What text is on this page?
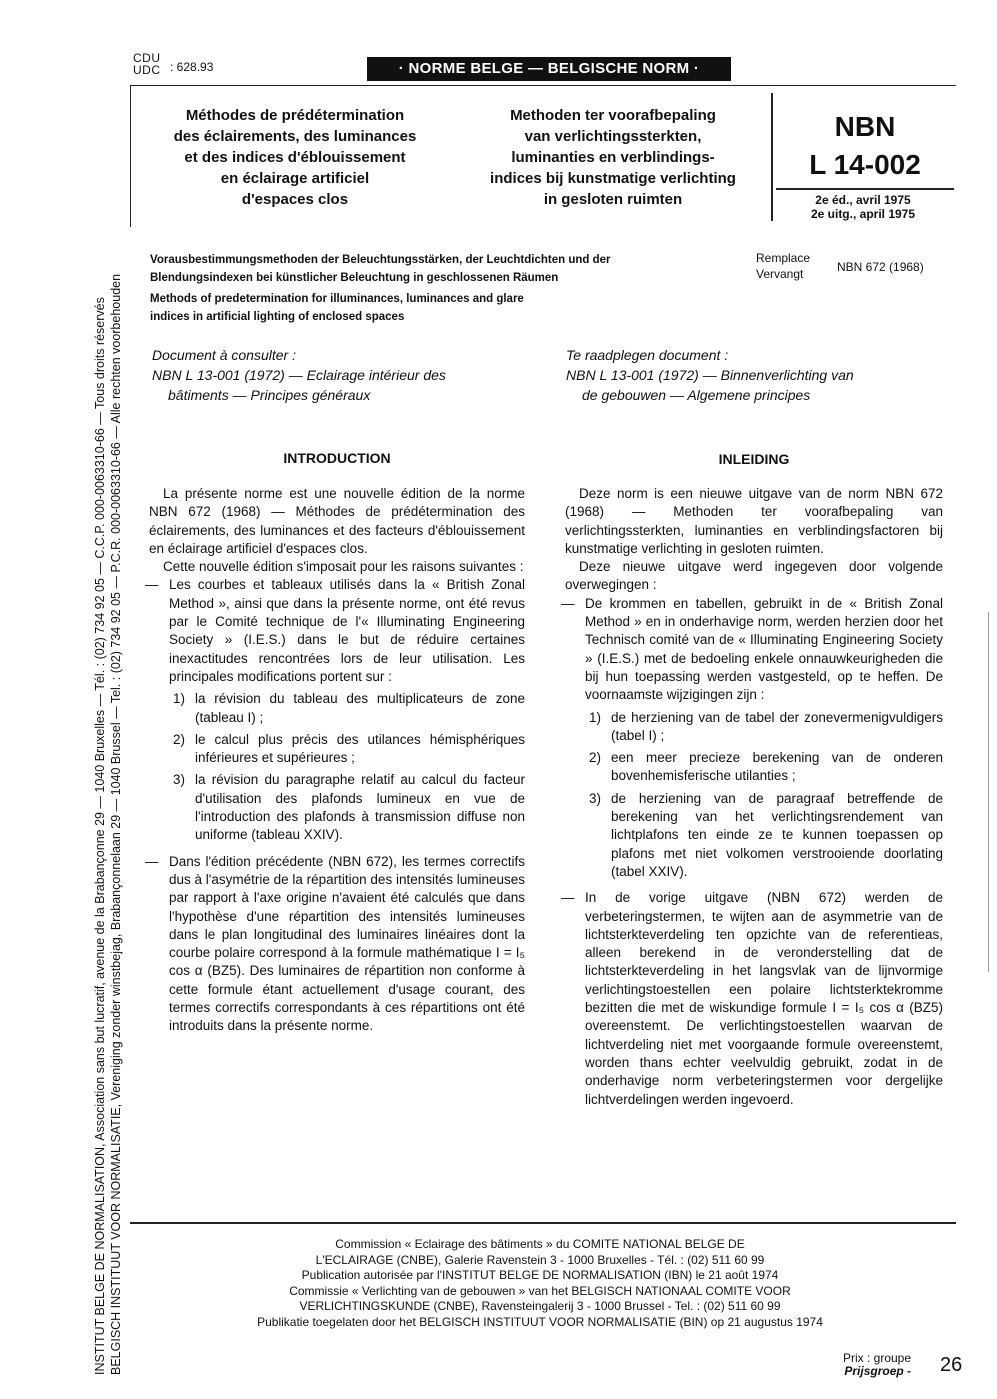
CDU
UDC : 628.93	· NORME BELGE — BELGISCHE NORM ·
Méthodes de prédétermination
des éclairements, des luminances
et des indices d'éblouissement
en éclairage artificiel
d'espaces clos
Methoden ter voorafbepaling
van verlichtingssterkten,
luminanties en verblindings-
indices bij kunstmatige verlichting
in gesloten ruimten
NBN
L 14-002
2e éd., avril 1975
2e uitg., april 1975
Vorausbestimmungsmethoden der Beleuchtungsstärken, der Leuchtdichten und der
Blendungsindexen bei künstlicher Beleuchtung in geschlossenen Räumen
Methods of predetermination for illuminances, luminances and glare
indices in artificial lighting of enclosed spaces
Remplace
Vervangt	NBN 672 (1968)
Document à consulter :
NBN L 13-001 (1972) — Eclairage intérieur des
bâtiments — Principes généraux
Te raadplegen document :
NBN L 13-001 (1972) — Binnenverlichting van
de gebouwen — Algemene principes
INTRODUCTION	INLEIDING

La présente norme est une nouvelle édition de la norme NBN 672 (1968) — Méthodes de prédétermination des éclairements, des luminances et des facteurs d'éblouissement en éclairage artificiel d'espaces clos.

Cette nouvelle édition s'imposait pour les raisons suivantes :

— Les courbes et tableaux utilisés dans la « British Zonal Method », ainsi que dans la présente norme, ont été revus par le Comité technique de l'« Illuminating Engineering Society » (I.E.S.) dans le but de réduire certaines inexactitudes rencontrées lors de leur utilisation. Les principales modifications portent sur :

1) la révision du tableau des multiplicateurs de zone (tableau I) ;

2) le calcul plus précis des utilances hémisphériques inférieures et supérieures ;

3) la révision du paragraphe relatif au calcul du facteur d'utilisation des plafonds lumineux en vue de l'introduction des plafonds à transmission diffuse non uniforme (tableau XXIV).

— Dans l'édition précédente (NBN 672), les termes correctifs dus à l'asymétrie de la répartition des intensités lumineuses par rapport à l'axe origine n'avaient été calculés que dans l'hypothèse d'une répartition des intensités lumineuses dans le plan longitudinal des luminaires linéaires dont la courbe polaire correspond à la formule mathématique I = I₅ cos α (BZ5). Des luminaires de répartition non conforme à cette formule étant actuellement d'usage courant, des termes correctifs correspondants à ces répartitions ont été introduits dans la présente norme.

Deze norm is een nieuwe uitgave van de norm NBN 672 (1968) — Methoden ter voorafbepaling van verlichtingssterkten, luminanties en verblindingsfactoren bij kunstmatige verlichting in gesloten ruimten.

Deze nieuwe uitgave werd ingegeven door volgende overwegingen :

— De krommen en tabellen, gebruikt in de « British Zonal Method » en in onderhavige norm, werden herzien door het Technisch comité van de « Illuminating Engineering Society » (I.E.S.) met de bedoeling enkele onnauwkeurigheden die bij hun toepassing werden vastgesteld, op te heffen. De voornaamste wijzigingen zijn :

1) de herziening van de tabel der zonevermenigvuldigers (tabel I) ;

2) een meer precieze berekening van de onderen bovenhemisferische utilanties ;

3) de herziening van de paragraaf betreffende de berekening van het verlichtingsrendement van lichtplafons ten einde ze te kunnen toepassen op plafons met niet volkomen verstrooiende doorlating (tabel XXIV).

— In de vorige uitgave (NBN 672) werden de verbeteringstermen, te wijten aan de asymmetrie van de lichtsterkteverdeling ten opzichte van de referentieas, alleen berekend in de veronderstelling dat de lichtsterkteverdeling in het langsvlak van de lijnvormige verlichtingstoestellen een polaire lichtsterktekromme bezitten die met de wiskundige formule I = I₅ cos α (BZ5) overeenstemt. De verlichtingstoestellen waarvan de lichtverdeling niet met voorgaande formule overeenstemt, worden thans echter veelvuldig gebruikt, zodat in de onderhavige norm verbeteringstermen voor dergelijke lichtverdelingen werden ingevoerd.

INSTITUT BELGE DE NORMALISATION, Association sans but lucratif, avenue de la Brabançonne 29 — 1040 Bruxelles — Tél. : (02) 734 92 05 — C.C.P. 000-0063310-66 — Tous droits réservés BELGISCH INSTITUUT VOOR NORMALISATIE, Vereniging zonder winstbejag, Brabançonnelaan 29 — 1040 Brussel — Tel. : (02) 734 92 05 — P.C.R. 000-0063310-66 — Alle rechten voorbehouden	Commission « Eclairage des bâtiments » du COMITE NATIONAL BELGE DE
L'ECLAIRAGE (CNBE), Galerie Ravenstein 3 - 1000 Bruxelles - Tél. : (02) 511 60 99
Publication autorisée par l'INSTITUT BELGE DE NORMALISATION (IBN) le 21 août 1974
Commissie « Verlichting van de gebouwen » van het BELGISCH NATIONAAL COMITE VOOR
VERLICHTINGSKUNDE (CNBE), Ravensteingalerij 3 - 1000 Brussel - Tel. : (02) 511 60 99
Publikatie toegelaten door het BELGISCH INSTITUUT VOOR NORMALISATIE (BIN) op 21 augustus 1974
Prix : groupe
Prijsgroep - 26
